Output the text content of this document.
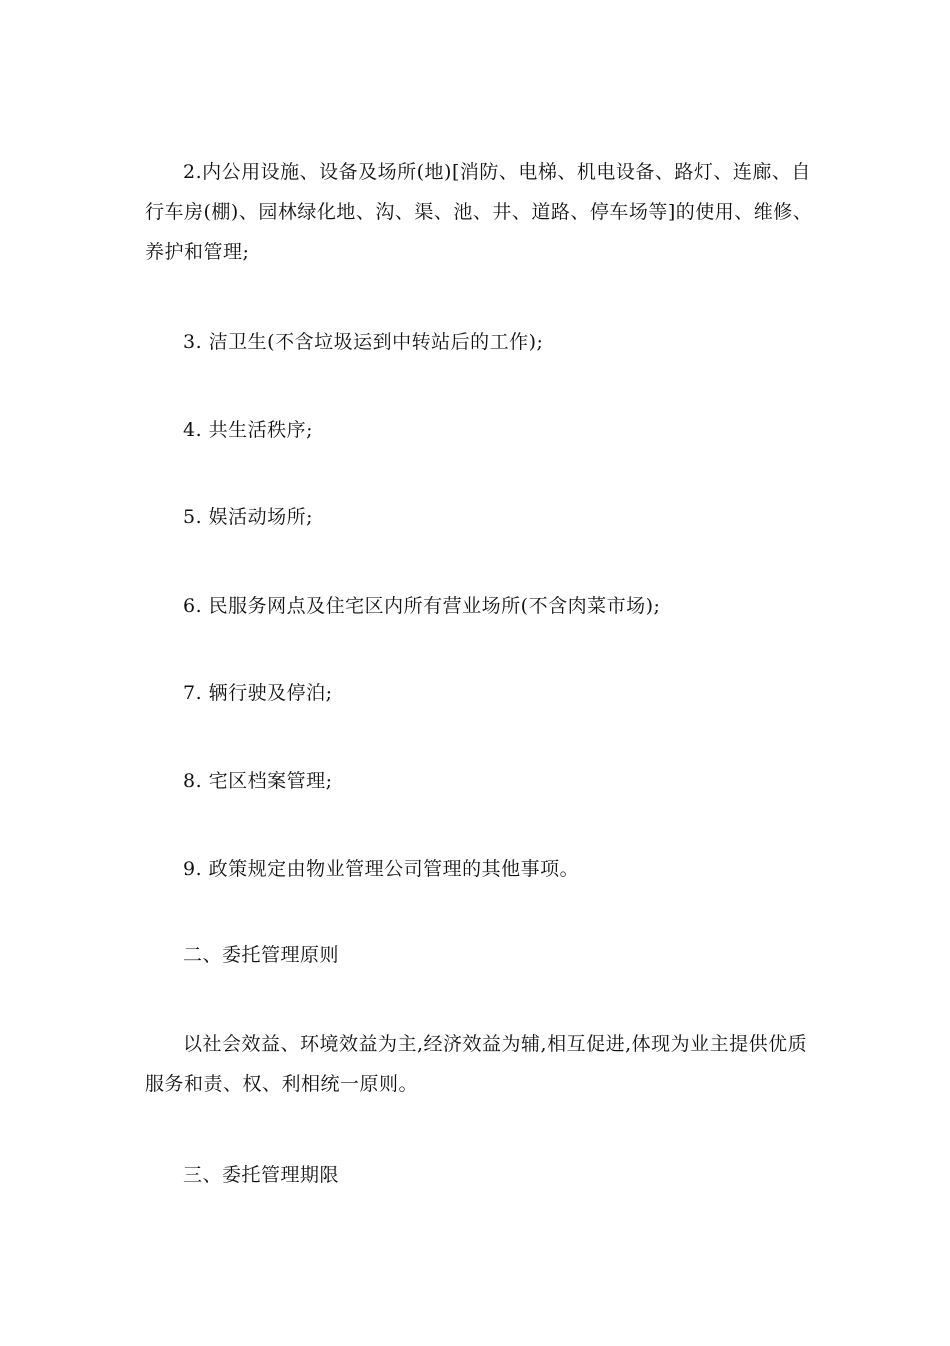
2.内公用设施、设备及场所(地)[消防、电梯、机电设备、路灯、连廊、自行车房(棚)、园林绿化地、沟、渠、池、井、道路、停车场等]的使用、维修、养护和管理;

3. 洁卫生(不含垃圾运到中转站后的工作);
4. 共生活秩序;
5. 娱活动场所;
6. 民服务网点及住宅区内所有营业场所(不含肉菜市场);
7. 辆行驶及停泊;
8. 宅区档案管理;
9. 政策规定由物业管理公司管理的其他事项。
二、委托管理原则

以社会效益、环境效益为主,经济效益为辅,相互促进,体现为业主提供优质服务和责、权、利相统一原则。

三、委托管理期限
